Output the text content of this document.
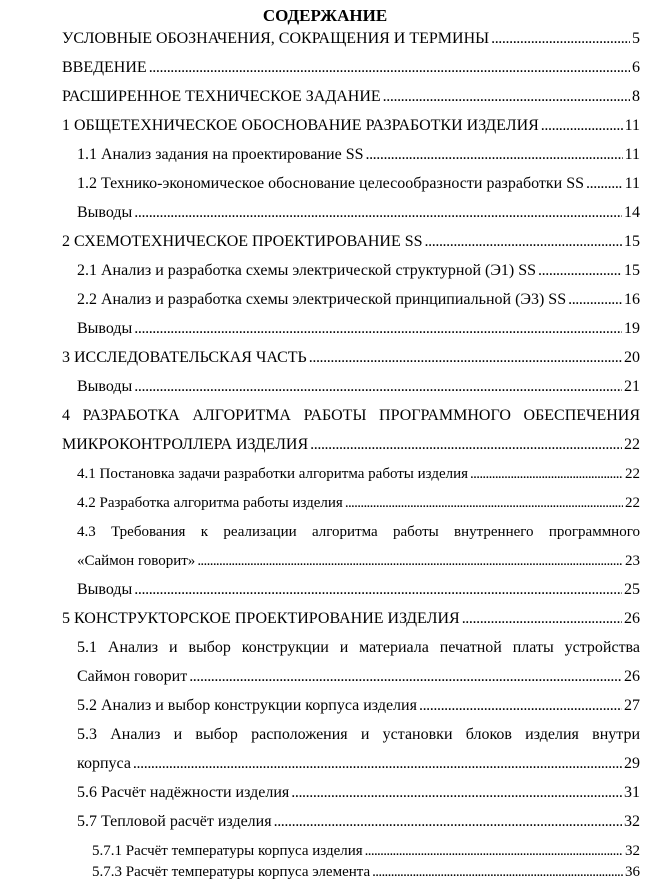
СОДЕРЖАНИЕ
УСЛОВНЫЕ ОБОЗНАЧЕНИЯ, СОКРАЩЕНИЯ И ТЕРМИНЫ . . .	5
ВВЕДЕНИЕ . . .	6
РАСШИРЕННОЕ ТЕХНИЧЕСКОЕ ЗАДАНИЕ . . .	8
1 ОБЩЕТЕХНИЧЕСКОЕ ОБОСНОВАНИЕ РАЗРАБОТКИ ИЗДЕЛИЯ . . .	11
1.1 Анализ задания на проектирование SS . . .	11
1.2 Технико-экономическое обоснование целесообразности разработки SS . . .	11
Выводы . . .	14
2 СХЕМОТЕХНИЧЕСКОЕ ПРОЕКТИРОВАНИЕ SS . . .	15
2.1 Анализ и разработка схемы электрической структурной (Э1) SS . . .	15
2.2 Анализ и разработка схемы электрической принципиальной (Э3) SS . . .	16
Выводы . . .	19
3 ИССЛЕДОВАТЕЛЬСКАЯ ЧАСТЬ . . .	20
Выводы . . .	21
4 РАЗРАБОТКА АЛГОРИТМА РАБОТЫ ПРОГРАММНОГО ОБЕСПЕЧЕНИЯ
МИКРОКОНТРОЛЛЕРА ИЗДЕЛИЯ . . .	22
4.1 Постановка задачи разработки алгоритма работы изделия . . .	22
4.2 Разработка алгоритма работы изделия . . .	22
4.3 Требования к реализации алгоритма работы внутреннего программного
«Саймон говорит» . . .	23
Выводы . . .	25
5 КОНСТРУКТОРСКОЕ ПРОЕКТИРОВАНИЕ ИЗДЕЛИЯ . . .	26
5.1 Анализ и выбор конструкции и материала печатной платы устройства
Саймон говорит . . .	26
5.2 Анализ и выбор конструкции корпуса изделия . . .	27
5.3 Анализ и выбор расположения и установки блоков изделия внутри
корпуса . . .	29
5.6 Расчёт надёжности изделия . . .	31
5.7 Тепловой расчёт изделия . . .	32
5.7.1 Расчёт температуры корпуса изделия . . .	32
5.7.3 Расчёт температуры корпуса элемента . . .	36
